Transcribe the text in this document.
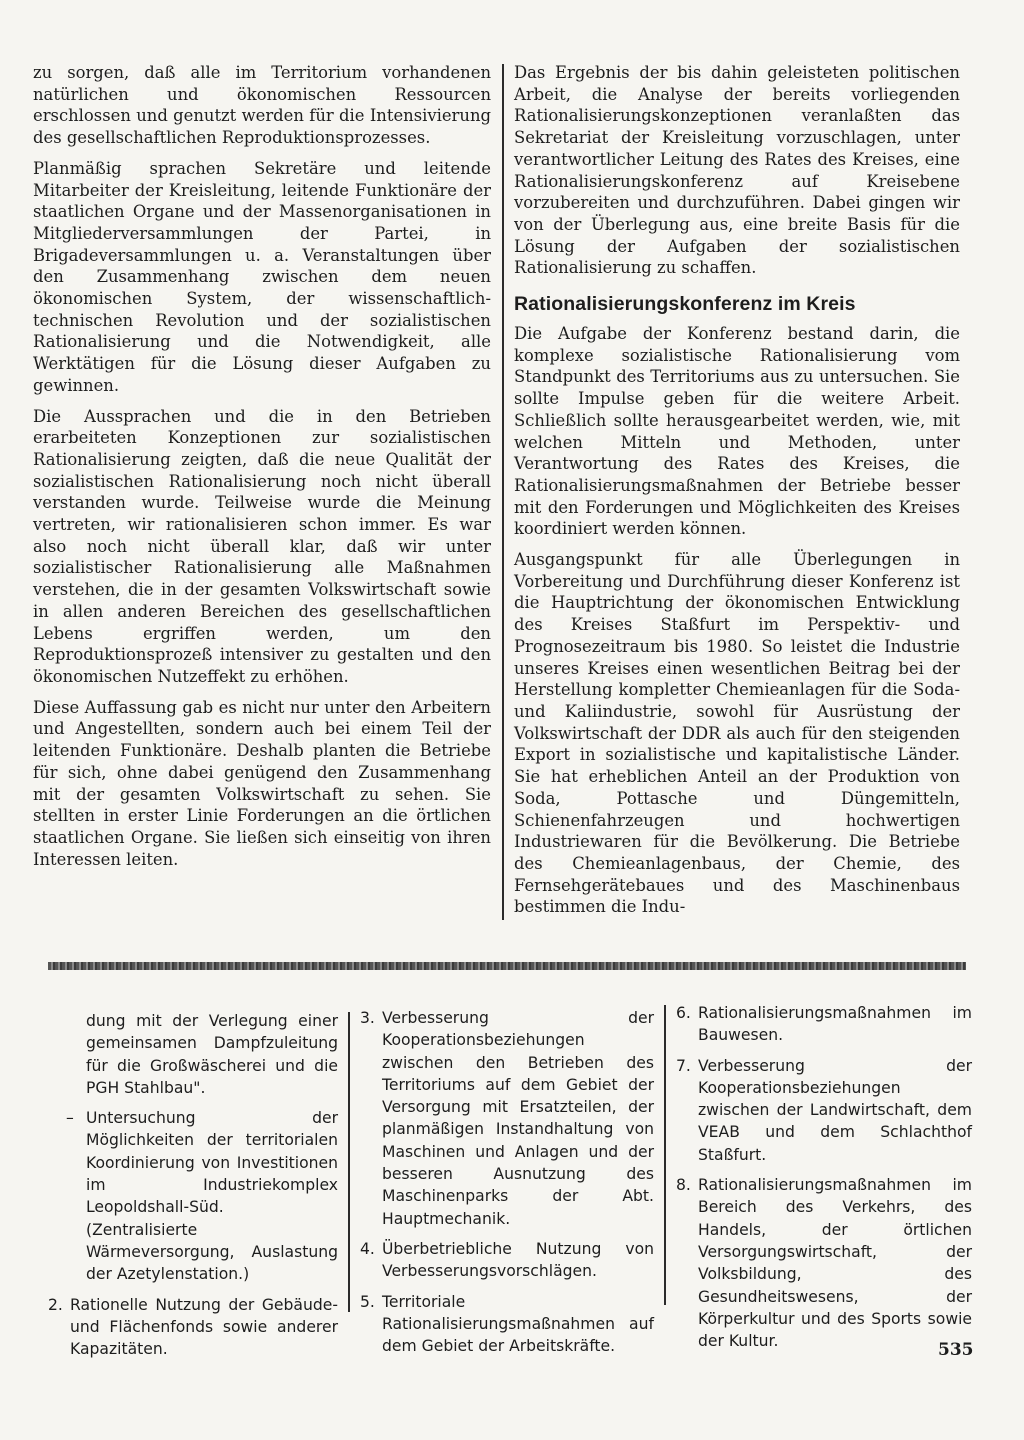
zu sorgen, daß alle im Territorium vorhandenen natürlichen und ökonomischen Ressourcen erschlossen und genutzt werden für die Intensivierung des gesellschaftlichen Reproduktionsprozesses.

Planmäßig sprachen Sekretäre und leitende Mitarbeiter der Kreisleitung, leitende Funktionäre der staatlichen Organe und der Massenorganisationen in Mitgliederversammlungen der Partei, in Brigadeversammlungen u. a. Veranstaltungen über den Zusammenhang zwischen dem neuen ökonomischen System, der wissenschaftlich-technischen Revolution und der sozialistischen Rationalisierung und die Notwendigkeit, alle Werktätigen für die Lösung dieser Aufgaben zu gewinnen.

Die Aussprachen und die in den Betrieben erarbeiteten Konzeptionen zur sozialistischen Rationalisierung zeigten, daß die neue Qualität der sozialistischen Rationalisierung noch nicht überall verstanden wurde. Teilweise wurde die Meinung vertreten, wir rationalisieren schon immer. Es war also noch nicht überall klar, daß wir unter sozialistischer Rationalisierung alle Maßnahmen verstehen, die in der gesamten Volkswirtschaft sowie in allen anderen Bereichen des gesellschaftlichen Lebens ergriffen werden, um den Reproduktionsprozeß intensiver zu gestalten und den ökonomischen Nutzeffekt zu erhöhen.

Diese Auffassung gab es nicht nur unter den Arbeitern und Angestellten, sondern auch bei einem Teil der leitenden Funktionäre. Deshalb planten die Betriebe für sich, ohne dabei genügend den Zusammenhang mit der gesamten Volkswirtschaft zu sehen. Sie stellten in erster Linie Forderungen an die örtlichen staatlichen Organe. Sie ließen sich einseitig von ihren Interessen leiten.

Das Ergebnis der bis dahin geleisteten politischen Arbeit, die Analyse der bereits vorliegenden Rationalisierungskonzeptionen veranlaßten das Sekretariat der Kreisleitung vorzuschlagen, unter verantwortlicher Leitung des Rates des Kreises, eine Rationalisierungskonferenz auf Kreisebene vorzubereiten und durchzuführen. Dabei gingen wir von der Überlegung aus, eine breite Basis für die Lösung der Aufgaben der sozialistischen Rationalisierung zu schaffen.

Rationalisierungskonferenz im Kreis

Die Aufgabe der Konferenz bestand darin, die komplexe sozialistische Rationalisierung vom Standpunkt des Territoriums aus zu untersuchen. Sie sollte Impulse geben für die weitere Arbeit. Schließlich sollte herausgearbeitet werden, wie, mit welchen Mitteln und Methoden, unter Verantwortung des Rates des Kreises, die Rationalisierungsmaßnahmen der Betriebe besser mit den Forderungen und Möglichkeiten des Kreises koordiniert werden können.

Ausgangspunkt für alle Überlegungen in Vorbereitung und Durchführung dieser Konferenz ist die Hauptrichtung der ökonomischen Entwicklung des Kreises Staßfurt im Perspektiv- und Prognosezeitraum bis 1980. So leistet die Industrie unseres Kreises einen wesentlichen Beitrag bei der Herstellung kompletter Chemieanlagen für die Soda- und Kaliindustrie, sowohl für Ausrüstung der Volkswirtschaft der DDR als auch für den steigenden Export in sozialistische und kapitalistische Länder. Sie hat erheblichen Anteil an der Produktion von Soda, Pottasche und Düngemitteln, Schienenfahrzeugen und hochwertigen Industriewaren für die Bevölkerung. Die Betriebe des Chemieanlagenbaus, der Chemie, des Fernsehgerätebaues und des Maschinenbaus bestimmen die Indu-

dung mit der Verlegung einer gemeinsamen Dampfzuleitung für die Großwäscherei und die PGH Stahlbau".
– Untersuchung der Möglichkeiten der territorialen Koordinierung von Investitionen im Industriekomplex Leopoldshall-Süd. (Zentralisierte Wärmeversorgung, Auslastung der Azetylenstation.)
2. Rationelle Nutzung der Gebäude- und Flächenfonds sowie anderer Kapazitäten.
3. Verbesserung der Kooperationsbeziehungen zwischen den Betrieben des Territoriums auf dem Gebiet der Versorgung mit Ersatzteilen, der planmäßigen Instandhaltung von Maschinen und Anlagen und der besseren Ausnutzung des Maschinenparks der Abt. Hauptmechanik.
4. Überbetriebliche Nutzung von Verbesserungsvorschlägen.
5. Territoriale Rationalisierungsmaßnahmen auf dem Gebiet der Arbeitskräfte.
6. Rationalisierungsmaßnahmen im Bauwesen.
7. Verbesserung der Kooperationsbeziehungen zwischen der Landwirtschaft, dem VEAB und dem Schlachthof Staßfurt.
8. Rationalisierungsmaßnahmen im Bereich des Verkehrs, des Handels, der örtlichen Versorgungswirtschaft, der Volksbildung, des Gesundheitswesens, der Körperkultur und des Sports sowie der Kultur.	535
